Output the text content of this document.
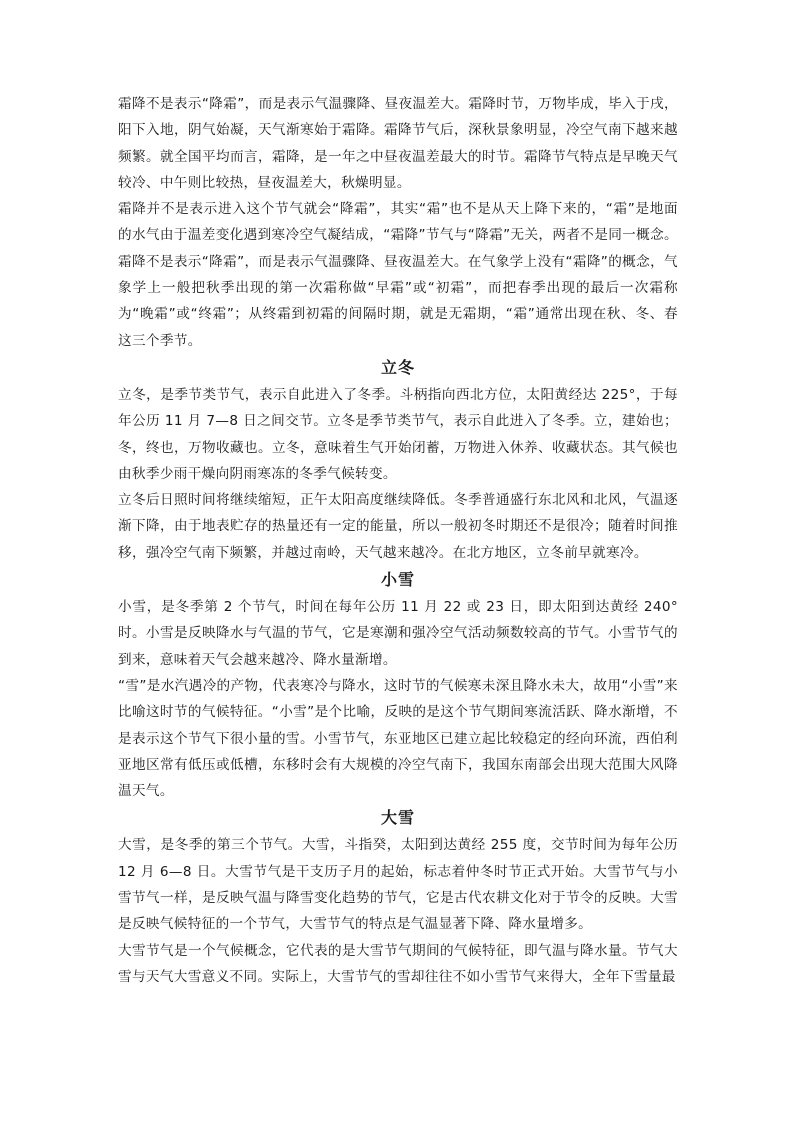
霜降不是表示“降霜”，而是表示气温骤降、昼夜温差大。霜降时节，万物毕成，毕入于戌，阳下入地，阴气始凝，天气渐寒始于霜降。霜降节气后，深秋景象明显，冷空气南下越来越频繁。就全国平均而言，霜降，是一年之中昼夜温差最大的时节。霜降节气特点是早晚天气较冷、中午则比较热，昼夜温差大，秋燥明显。

霜降并不是表示进入这个节气就会“降霜”，其实“霜”也不是从天上降下来的，“霜”是地面的水气由于温差变化遇到寒冷空气凝结成，“霜降”节气与“降霜”无关，两者不是同一概念。霜降不是表示“降霜”，而是表示气温骤降、昼夜温差大。在气象学上没有“霜降”的概念，气象学上一般把秋季出现的第一次霜称做“早霜”或“初霜”，而把春季出现的最后一次霜称为“晚霜”或“终霜”；从终霜到初霜的间隔时期，就是无霜期，“霜”通常出现在秋、冬、春这三个季节。

立冬

立冬，是季节类节气，表示自此进入了冬季。斗柄指向西北方位，太阳黄经达 225°，于每年公历 11 月 7—8 日之间交节。立冬是季节类节气，表示自此进入了冬季。立，建始也；冬，终也，万物收藏也。立冬，意味着生气开始闭蓄，万物进入休养、收藏状态。其气候也由秋季少雨干燥向阴雨寒冻的冬季气候转变。

立冬后日照时间将继续缩短，正午太阳高度继续降低。冬季普通盛行东北风和北风，气温逐渐下降，由于地表贮存的热量还有一定的能量，所以一般初冬时期还不是很冷；随着时间推移，强冷空气南下频繁，并越过南岭，天气越来越冷。在北方地区，立冬前早就寒冷。

小雪

小雪，是冬季第 2 个节气，时间在每年公历 11 月 22 或 23 日，即太阳到达黄经 240°时。小雪是反映降水与气温的节气，它是寒潮和强冷空气活动频数较高的节气。小雪节气的到来，意味着天气会越来越冷、降水量渐增。

“雪”是水汽遇冷的产物，代表寒冷与降水，这时节的气候寒未深且降水未大，故用“小雪”来比喻这时节的气候特征。“小雪”是个比喻，反映的是这个节气期间寒流活跃、降水渐增，不是表示这个节气下很小量的雪。小雪节气，东亚地区已建立起比较稳定的经向环流，西伯利亚地区常有低压或低槽，东移时会有大规模的冷空气南下，我国东南部会出现大范围大风降温天气。

大雪

大雪，是冬季的第三个节气。大雪，斗指癸，太阳到达黄经 255 度，交节时间为每年公历 12 月 6—8 日。大雪节气是干支历子月的起始，标志着仲冬时节正式开始。大雪节气与小雪节气一样，是反映气温与降雪变化趋势的节气，它是古代农耕文化对于节令的反映。大雪是反映气候特征的一个节气，大雪节气的特点是气温显著下降、降水量增多。

大雪节气是一个气候概念，它代表的是大雪节气期间的气候特征，即气温与降水量。节气大雪与天气大雪意义不同。实际上，大雪节气的雪却往往不如小雪节气来得大，全年下雪量最
